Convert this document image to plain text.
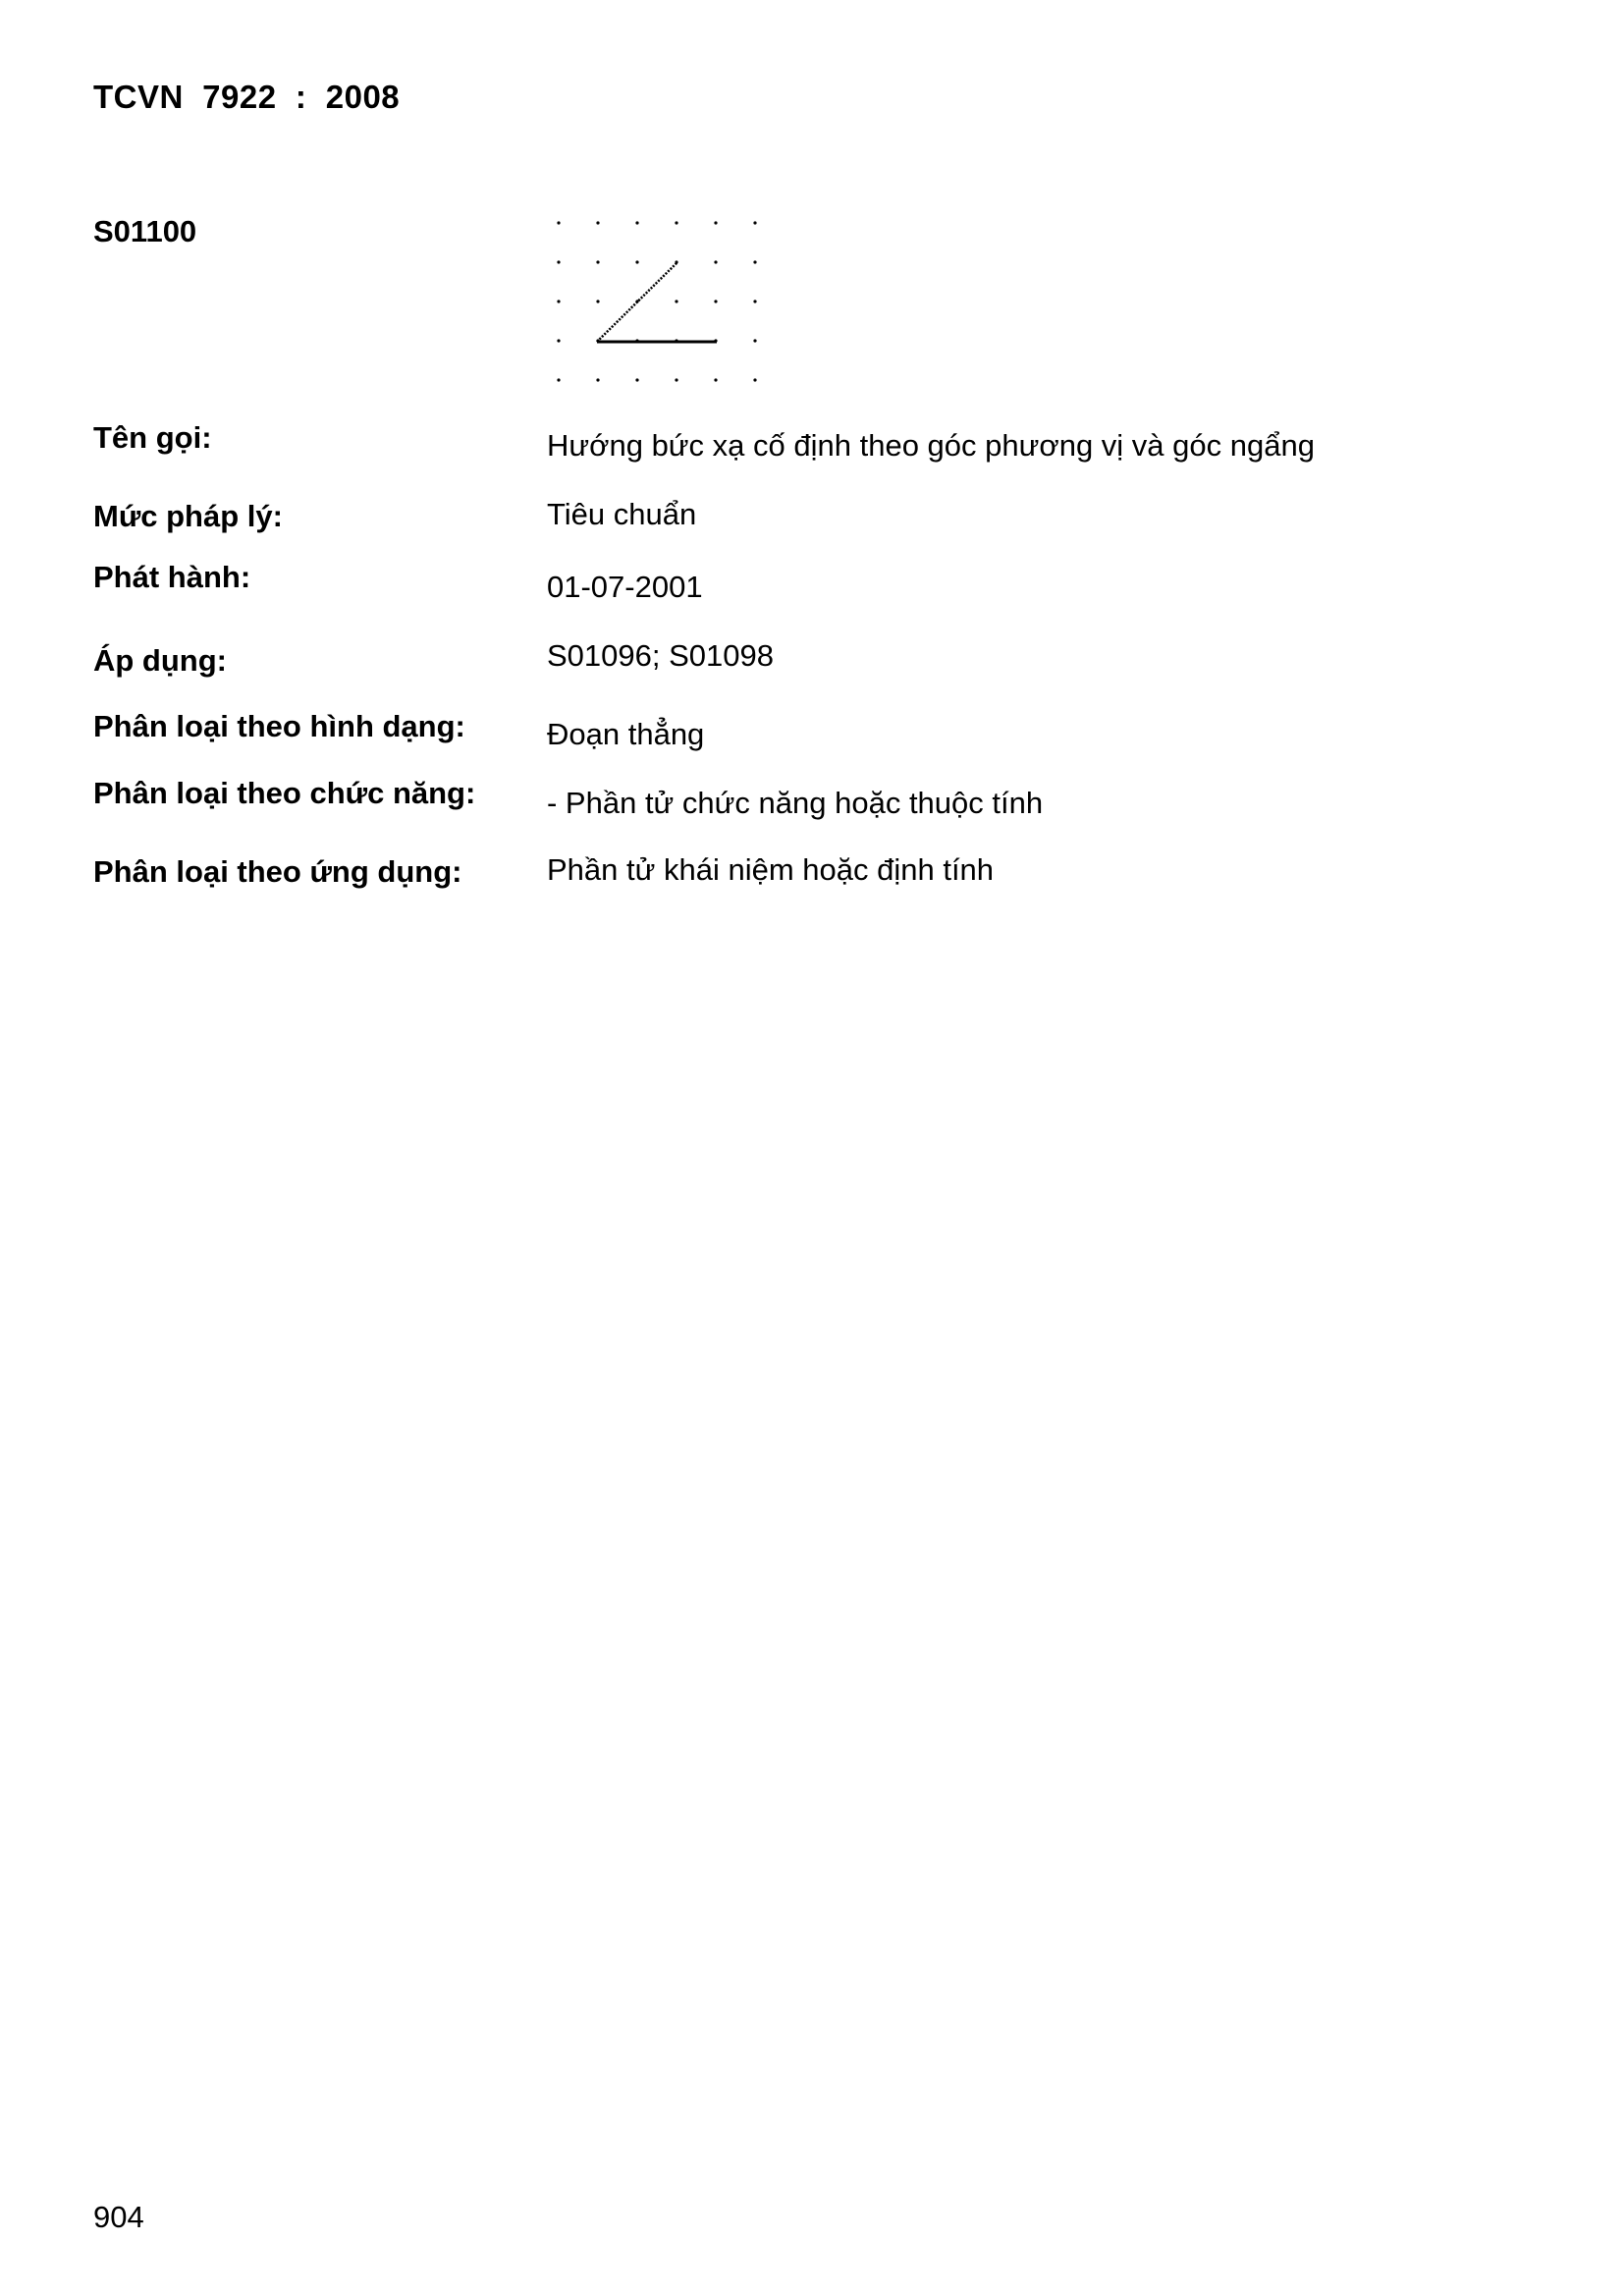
TCVN  7922  :  2008
S01100
Tên gọi:	Hướng bức xạ cố định theo góc phương vị và góc ngẩng
Mức pháp lý:	Tiêu chuẩn
Phát hành:	01-07-2001
Áp dụng:	S01096; S01098
Phân loại theo hình dạng:	Đoạn thẳng
Phân loại theo chức năng: - Phần tử chức năng hoặc thuộc tính
Phân loại theo ứng dụng:	Phần tử khái niệm hoặc định tính
904
